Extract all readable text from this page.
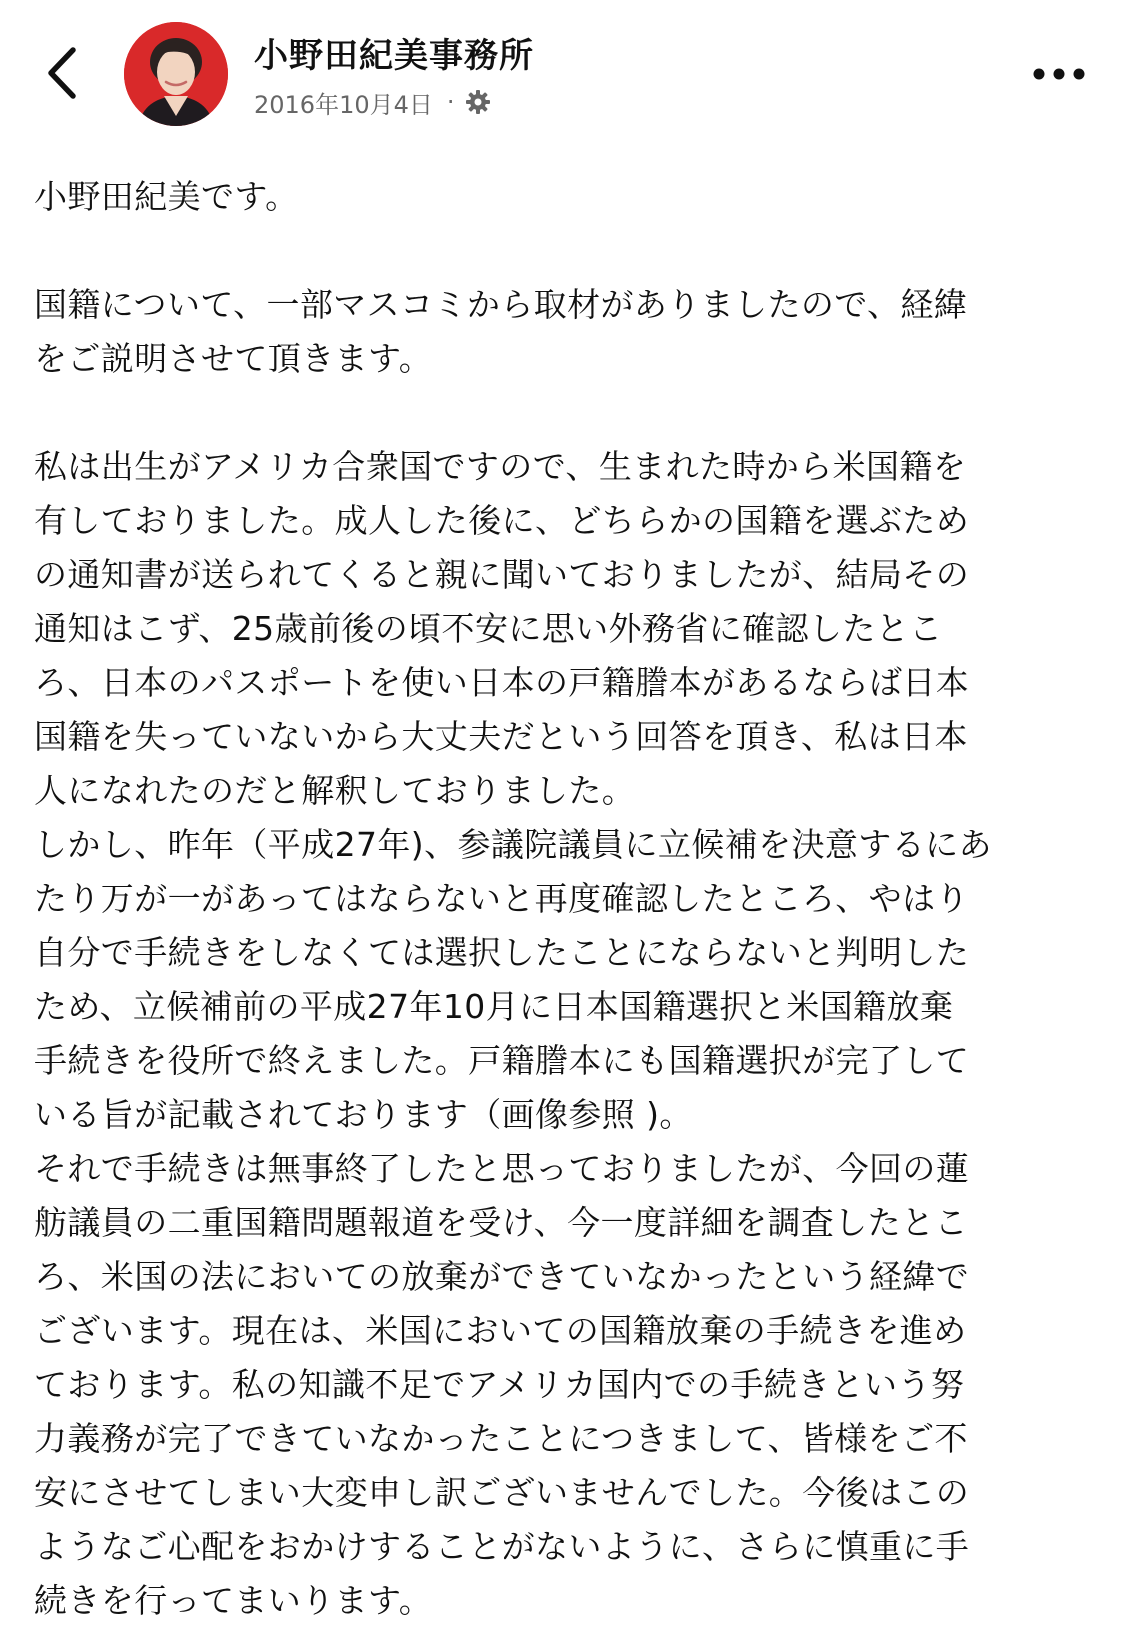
小野田紀美事務所
2016年10月4日 ·
小野田紀美です。
国籍について、一部マスコミから取材がありましたので、経緯
をご説明させて頂きます。
私は出生がアメリカ合衆国ですので、生まれた時から米国籍を
有しておりました。成人した後に、どちらかの国籍を選ぶため
の通知書が送られてくると親に聞いておりましたが、結局その
通知はこず、25歳前後の頃不安に思い外務省に確認したとこ
ろ、日本のパスポートを使い日本の戸籍謄本があるならば日本
国籍を失っていないから大丈夫だという回答を頂き、私は日本
人になれたのだと解釈しておりました。
しかし、昨年（平成27年)、参議院議員に立候補を決意するにあ
たり万が一があってはならないと再度確認したところ、やはり
自分で手続きをしなくては選択したことにならないと判明した
ため、立候補前の平成27年10月に日本国籍選択と米国籍放棄
手続きを役所で終えました。戸籍謄本にも国籍選択が完了して
いる旨が記載されております（画像参照 )。
それで手続きは無事終了したと思っておりましたが、今回の蓮
舫議員の二重国籍問題報道を受け、今一度詳細を調査したとこ
ろ、米国の法においての放棄ができていなかったという経緯で
ございます。現在は、米国においての国籍放棄の手続きを進め
ております。私の知識不足でアメリカ国内での手続きという努
力義務が完了できていなかったことにつきまして、皆様をご不
安にさせてしまい大変申し訳ございませんでした。今後はこの
ようなご心配をおかけすることがないように、さらに慎重に手
続きを行ってまいります。
